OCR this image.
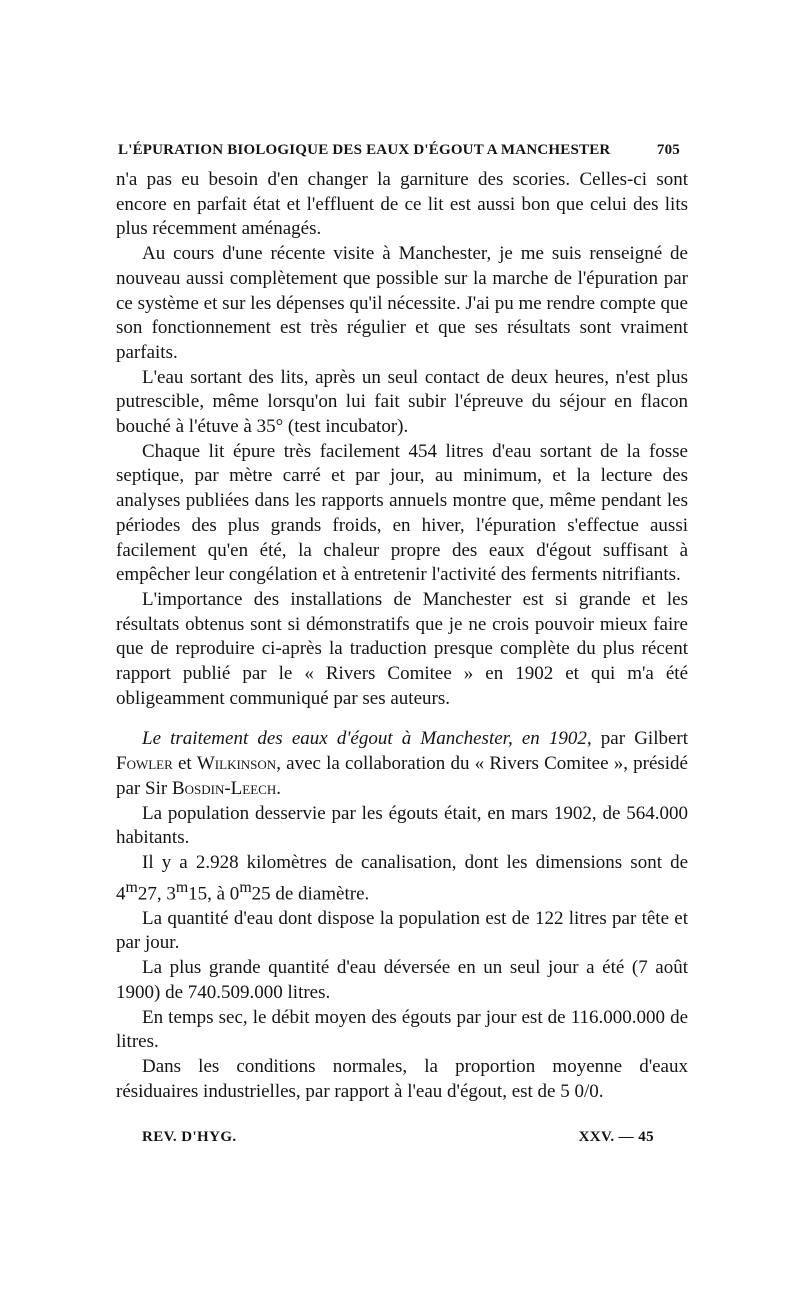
L'ÉPURATION BIOLOGIQUE DES EAUX D'ÉGOUT A MANCHESTER	705

n'a pas eu besoin d'en changer la garniture des scories. Celles-ci sont encore en parfait état et l'effluent de ce lit est aussi bon que celui des lits plus récemment aménagés.

Au cours d'une récente visite à Manchester, je me suis renseigné de nouveau aussi complètement que possible sur la marche de l'épuration par ce système et sur les dépenses qu'il nécessite. J'ai pu me rendre compte que son fonctionnement est très régulier et que ses résultats sont vraiment parfaits.

L'eau sortant des lits, après un seul contact de deux heures, n'est plus putrescible, même lorsqu'on lui fait subir l'épreuve du séjour en flacon bouché à l'étuve à 35° (test incubator).

Chaque lit épure très facilement 454 litres d'eau sortant de la fosse septique, par mètre carré et par jour, au minimum, et la lecture des analyses publiées dans les rapports annuels montre que, même pendant les périodes des plus grands froids, en hiver, l'épuration s'effectue aussi facilement qu'en été, la chaleur propre des eaux d'égout suffisant à empêcher leur congélation et à entretenir l'activité des ferments nitrifiants.

L'importance des installations de Manchester est si grande et les résultats obtenus sont si démonstratifs que je ne crois pouvoir mieux faire que de reproduire ci-après la traduction presque complète du plus récent rapport publié par le « Rivers Comitee » en 1902 et qui m'a été obligeamment communiqué par ses auteurs.

Le traitement des eaux d'égout à Manchester, en 1902, par Gilbert Fowler et Wilkinson, avec la collaboration du « Rivers Comitee », présidé par Sir Bosdin-Leech.

La population desservie par les égouts était, en mars 1902, de 564.000 habitants.

Il y a 2.928 kilomètres de canalisation, dont les dimensions sont de 4$^m$27, 3$^m$15, à 0$^m$25 de diamètre.

La quantité d'eau dont dispose la population est de 122 litres par tête et par jour.

La plus grande quantité d'eau déversée en un seul jour a été (7 août 1900) de 740.509.000 litres.

En temps sec, le débit moyen des égouts par jour est de 116.000.000 de litres.

Dans les conditions normales, la proportion moyenne d'eaux résiduaires industrielles, par rapport à l'eau d'égout, est de 5 0/0.

REV. D'HYG.	XXV. — 45
